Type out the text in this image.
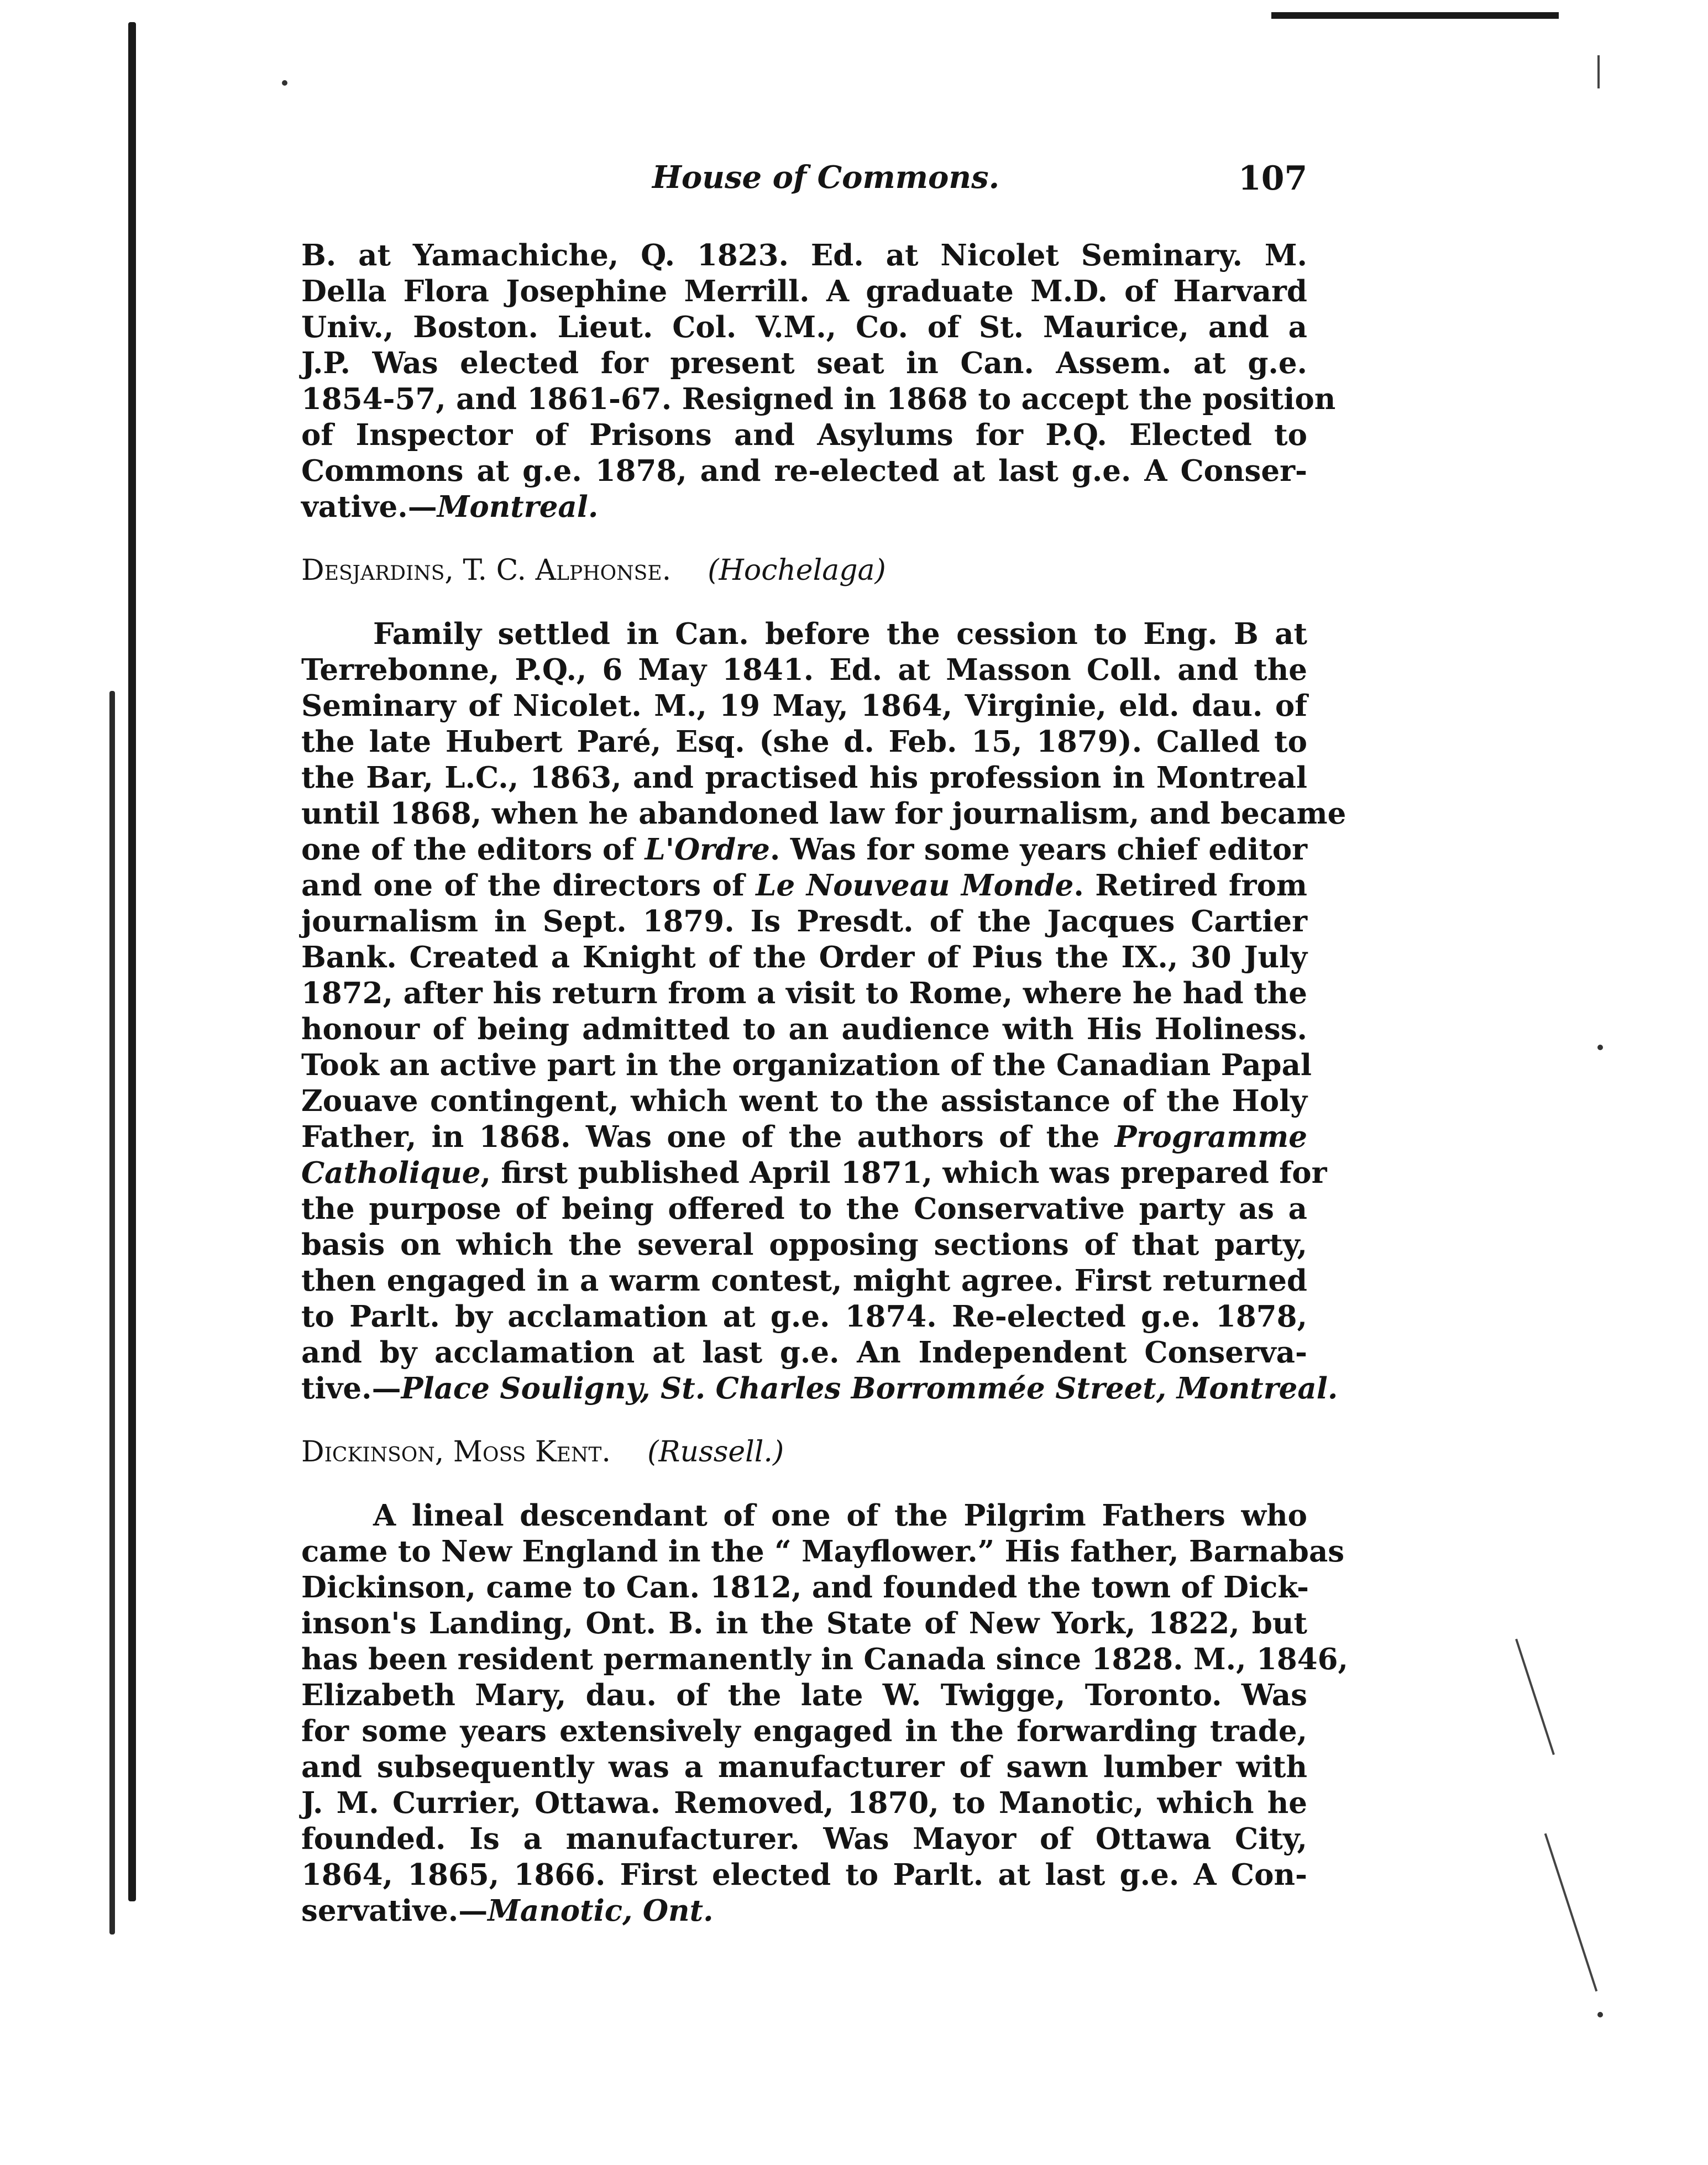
House of Commons.	107
B. at Yamachiche, Q. 1823. Ed. at Nicolet Seminary. M.
Della Flora Josephine Merrill. A graduate M.D. of Harvard
Univ., Boston. Lieut. Col. V.M., Co. of St. Maurice, and a
J.P. Was elected for present seat in Can. Assem. at g.e.
1854-57, and 1861-67. Resigned in 1868 to accept the position
of Inspector of Prisons and Asylums for P.Q. Elected to
Commons at g.e. 1878, and re-elected at last g.e. A Conser-
vative.—Montreal.
Desjardins, T. C. Alphonse. (Hochelaga)
Family settled in Can. before the cession to Eng. B at
Terrebonne, P.Q., 6 May 1841. Ed. at Masson Coll. and the
Seminary of Nicolet. M., 19 May, 1864, Virginie, eld. dau. of
the late Hubert Paré, Esq. (she d. Feb. 15, 1879). Called to
the Bar, L.C., 1863, and practised his profession in Montreal
until 1868, when he abandoned law for journalism, and became
one of the editors of L'Ordre. Was for some years chief editor
and one of the directors of Le Nouveau Monde. Retired from
journalism in Sept. 1879. Is Presdt. of the Jacques Cartier
Bank. Created a Knight of the Order of Pius the IX., 30 July
1872, after his return from a visit to Rome, where he had the
honour of being admitted to an audience with His Holiness.
Took an active part in the organization of the Canadian Papal
Zouave contingent, which went to the assistance of the Holy
Father, in 1868. Was one of the authors of the Programme
Catholique, first published April 1871, which was prepared for
the purpose of being offered to the Conservative party as a
basis on which the several opposing sections of that party,
then engaged in a warm contest, might agree. First returned
to Parlt. by acclamation at g.e. 1874. Re-elected g.e. 1878,
and by acclamation at last g.e. An Independent Conserva-
tive.—Place Souligny, St. Charles Borrommée Street, Montreal.
Dickinson, Moss Kent. (Russell.)
A lineal descendant of one of the Pilgrim Fathers who
came to New England in the “ Mayflower.” His father, Barnabas
Dickinson, came to Can. 1812, and founded the town of Dick-
inson's Landing, Ont. B. in the State of New York, 1822, but
has been resident permanently in Canada since 1828. M., 1846,
Elizabeth Mary, dau. of the late W. Twigge, Toronto. Was
for some years extensively engaged in the forwarding trade,
and subsequently was a manufacturer of sawn lumber with
J. M. Currier, Ottawa. Removed, 1870, to Manotic, which he
founded. Is a manufacturer. Was Mayor of Ottawa City,
1864, 1865, 1866. First elected to Parlt. at last g.e. A Con-
servative.—Manotic, Ont.
